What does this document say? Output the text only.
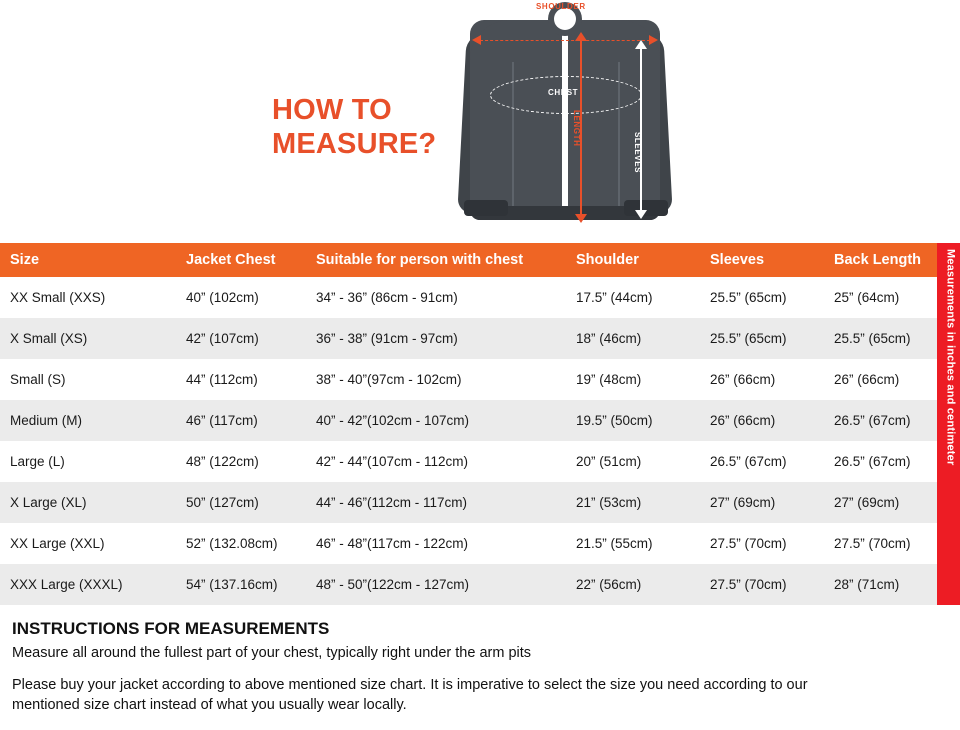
HOW TO
MEASURE?
SHOULDER
CHEST
LENGTH
SLEEVES
Size	Jacket Chest	Suitable for person with chest	Shoulder	Sleeves	Back Length
XX Small (XXS)	40” (102cm)	34” - 36” (86cm - 91cm)	17.5” (44cm)	25.5” (65cm)	25” (64cm)
X Small (XS)	42” (107cm)	36” - 38” (91cm - 97cm)	18” (46cm)	25.5” (65cm)	25.5” (65cm)
Small (S)	44” (112cm)	38” - 40”(97cm - 102cm)	19” (48cm)	26” (66cm)	26” (66cm)
Medium (M)	46” (117cm)	40” - 42”(102cm - 107cm)	19.5” (50cm)	26” (66cm)	26.5” (67cm)
Large (L)	48” (122cm)	42” - 44”(107cm - 112cm)	20” (51cm)	26.5” (67cm)	26.5” (67cm)
X Large (XL)	50” (127cm)	44” - 46”(112cm - 117cm)	21” (53cm)	27” (69cm)	27” (69cm)
XX Large (XXL)	52” (132.08cm)	46” - 48”(117cm - 122cm)	21.5” (55cm)	27.5” (70cm)	27.5” (70cm)
XXX Large (XXXL)	54” (137.16cm)	48” - 50”(122cm - 127cm)	22” (56cm)	27.5” (70cm)	28” (71cm)
Measurements in inches and centimeter
INSTRUCTIONS FOR MEASUREMENTS

Measure all around the fullest part of your chest, typically right under the arm pits

Please buy your jacket according to above mentioned size chart. It is imperative to select the size you need according to our mentioned size chart instead of what you usually wear locally.
